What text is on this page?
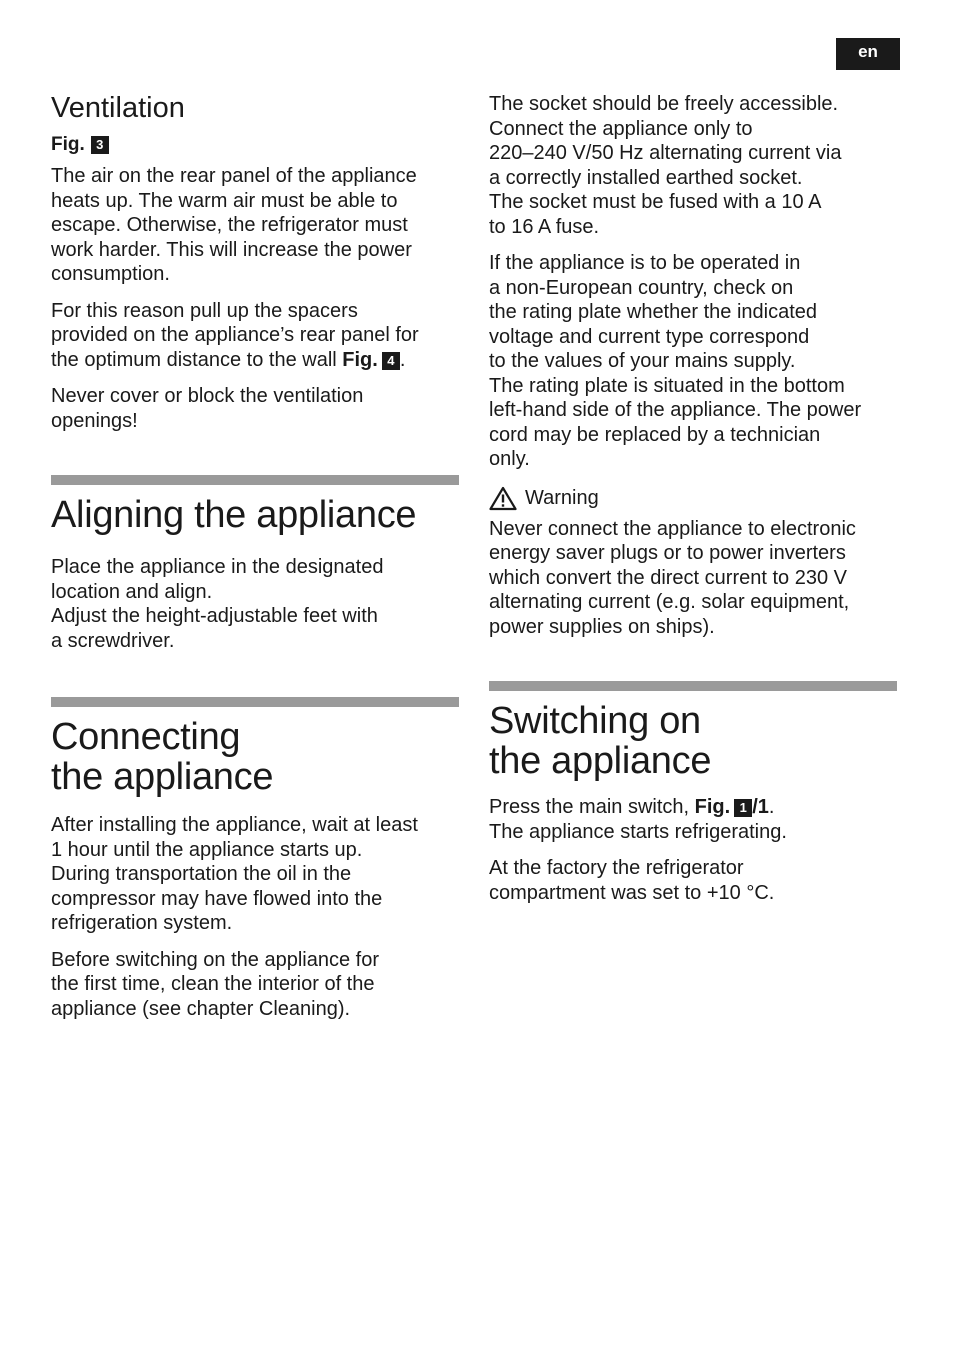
en
Ventilation
Fig. 3

The air on the rear panel of the appliance
heats up. The warm air must be able to
escape. Otherwise, the refrigerator must
work harder. This will increase the power
consumption.

For this reason pull up the spacers
provided on the appliance’s rear panel for
the optimum distance to the wall Fig. 4 .

Never cover or block the ventilation
openings!

Aligning the appliance

Place the appliance in the designated
location and align.
Adjust the height-adjustable feet with
a screwdriver.

Connecting
the appliance

After installing the appliance, wait at least
1 hour until the appliance starts up.
During transportation the oil in the
compressor may have flowed into the
refrigeration system.

Before switching on the appliance for
the first time, clean the interior of the
appliance (see chapter Cleaning).

The socket should be freely accessible.
Connect the appliance only to
220–240 V/50 Hz alternating current via
a correctly installed earthed socket.
The socket must be fused with a 10 A
to 16 A fuse.

If the appliance is to be operated in
a non-European country, check on
the rating plate whether the indicated
voltage and current type correspond
to the values of your mains supply.
The rating plate is situated in the bottom
left-hand side of the appliance. The power
cord may be replaced by a technician
only.

Warning

Never connect the appliance to electronic
energy saver plugs or to power inverters
which convert the direct current to 230 V
alternating current (e.g. solar equipment,
power supplies on ships).

Switching on
the appliance

Press the main switch, Fig. 1 /1.
The appliance starts refrigerating.

At the factory the refrigerator
compartment was set to +10 °C.
